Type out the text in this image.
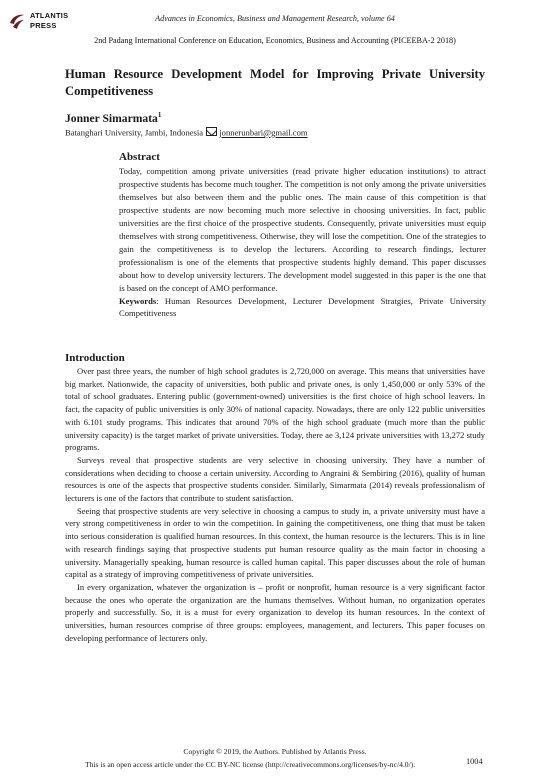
ATLANTIS
PRESS
Advances in Economics, Business and Management Research, volume 64
2nd Padang International Conference on Education, Economics, Business and Accounting (PICEEBA-2 2018)
Human Resource Development Model for Improving Private University Competitiveness
Jonner Simarmata$^1$
Batanghari University, Jambi, Indonesia jonnerunbari@gmail.com
Abstract

Today, competition among private universities (read private higher education institutions) to attract prospective students has become much tougher. The competition is not only among the private universities themselves but also between them and the public ones. The main cause of this competition is that prospective students are now becoming much more selective in choosing universities. In fact, public universities are the first choice of the prospective students. Consequently, private universities must equip themselves with strong competitiveness. Otherwise, they will lose the competition. One of the strategies to gain the competitiveness is to develop the lecturers. According to research findings, lecturer professionalism is one of the elements that prospective students highly demand. This paper discusses about how to develop university lecturers. The development model suggested in this paper is the one that is based on the concept of AMO performance.

Keywords: Human Resources Development, Lecturer Development Stratgies, Private University Competitiveness

Introduction

Over past three years, the number of high school gradutes is 2,720,000 on average. This means that universities have big market. Nationwide, the capacity of universities, both public and private ones, is only 1,450,000 or only 53% of the total of school graduates. Entering public (government-owned) universities is the first choice of high school leavers. In fact, the capacity of public universities is only 30% of national capacity. Nowadays, there are only 122 public universities with 6.101 study programs. This indicates that around 70% of the high school graduate (much more than the public university capacity) is the target market of private universities. Today, there ae 3,124 private universities with 13,272 study programs.

Surveys reveal that prospective students are very selective in choosing university. They have a number of considerations when deciding to choose a certain university. According to Angraini & Sembiring (2016), quality of human resources is one of the aspects that prospective students consider. Similarly, Simarmata (2014) reveals professionalism of lecturers is one of the factors that contribute to student satisfaction.

Seeing that prospective students are very selective in choosing a campus to study in, a private university must have a very strong competitiveness in order to win the competition. In gaining the competitiveness, one thing that must be taken into serious consideration is qualified human resources. In this context, the human resource is the lecturers. This is in line with research findings saying that prospective students put human resource quality as the main factor in choosing a university. Managerially speaking, human resource is called human capital. This paper discusses about the role of human capital as a strategy of improving competitiveness of private universities.

In every organization, whatever the organization is – profit or nonprofit, human resource is a very significant factor because the ones who operate the organization are the humans themselves. Without human, no organization operates properly and successfully. So, it is a must for every organization to develop its human resources. In the context of universities, human resources comprise of three groups: employees, management, and lecturers. This paper focuses on developing performance of lecturers only.

Copyright © 2019, the Authors. Published by Atlantis Press.
This is an open access article under the CC BY-NC license (http://creativecommons.org/licenses/by-nc/4.0/).	1004
